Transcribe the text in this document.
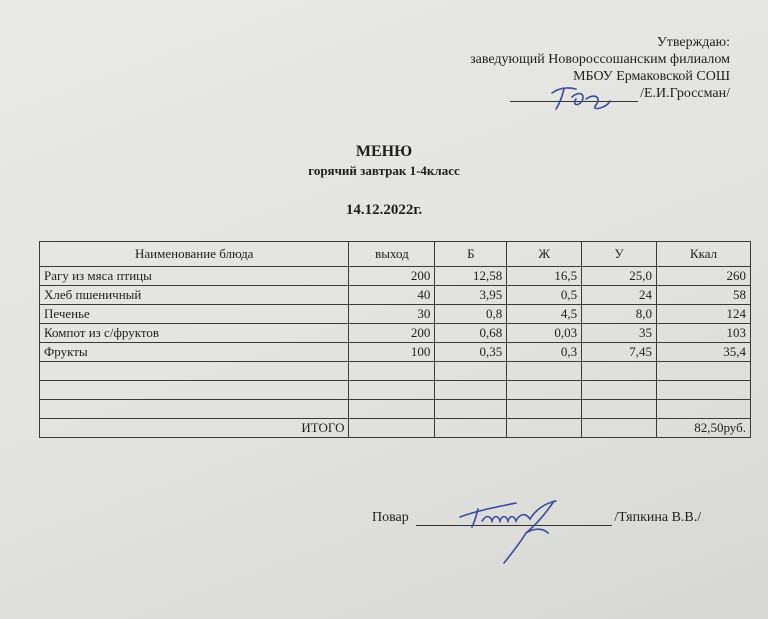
Утверждаю:
заведующий Новороссошанским филиалом
МБОУ Ермаковской СОШ
/Е.И.Гроссман/
МЕНЮ
горячий завтрак 1-4класс
14.12.2022г.
Наименование блюда	выход	Б	Ж	У	Ккал
Рагу из мяса птицы	200	12,58	16,5	25,0	260
Хлеб пшеничный	40	3,95	0,5	24	58
Печенье	30	0,8	4,5	8,0	124
Компот из с/фруктов	200	0,68	0,03	35	103
Фрукты	100	0,35	0,3	7,45	35,4

ИТОГО					82,50руб.
Повар	/Тяпкина В.В./
